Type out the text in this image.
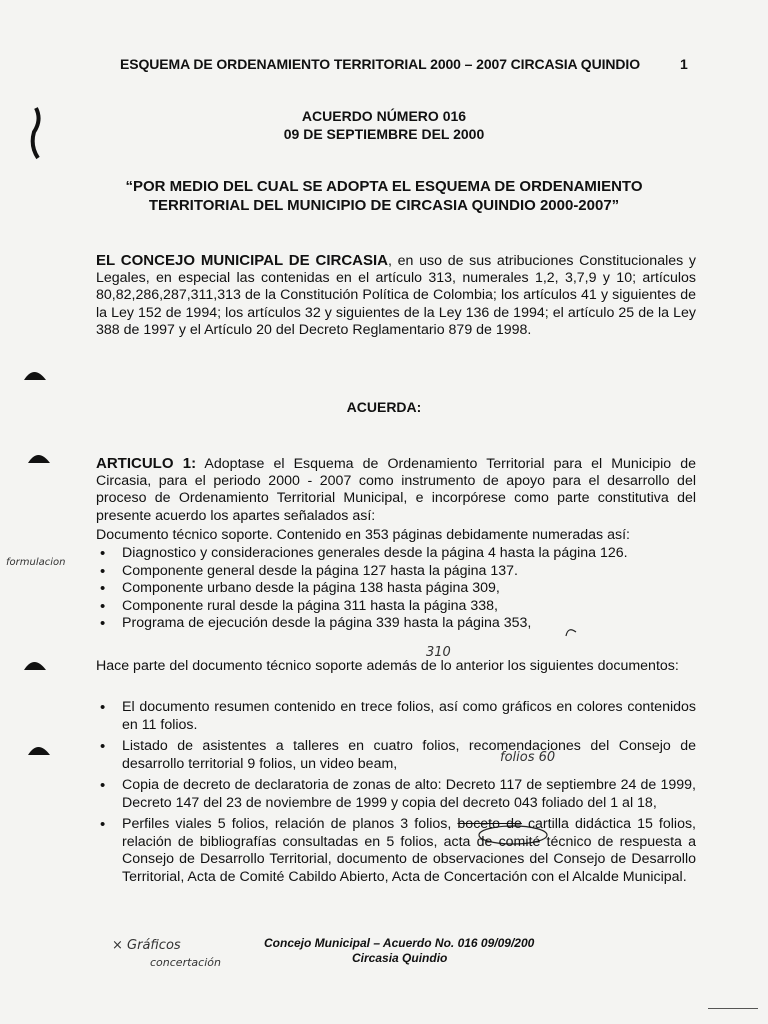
ESQUEMA DE ORDENAMIENTO TERRITORIAL 2000 – 2007 CIRCASIA QUINDIO	1
ACUERDO NÚMERO 016
09 DE SEPTIEMBRE DEL 2000
“POR MEDIO DEL CUAL SE ADOPTA EL ESQUEMA DE ORDENAMIENTO
TERRITORIAL DEL MUNICIPIO DE CIRCASIA QUINDIO 2000-2007”
EL CONCEJO MUNICIPAL DE CIRCASIA, en uso de sus atribuciones Constitucionales y Legales, en especial las contenidas en el artículo 313, numerales 1,2, 3,7,9 y 10; artículos 80,82,286,287,311,313 de la Constitución Política de Colombia; los artículos 41 y siguientes de la Ley 152 de 1994; los artículos 32 y siguientes de la Ley 136 de 1994; el artículo 25 de la Ley 388 de 1997 y el Artículo 20 del Decreto Reglamentario 879 de 1998.
ACUERDA:
ARTICULO 1: Adoptase el Esquema de Ordenamiento Territorial para el Municipio de Circasia, para el periodo 2000 - 2007 como instrumento de apoyo para el desarrollo del proceso de Ordenamiento Territorial Municipal, e incorpórese como parte constitutiva del presente acuerdo los apartes señalados así:
Documento técnico soporte. Contenido en 353 páginas debidamente numeradas así:
• Diagnostico y consideraciones generales desde la página 4 hasta la página 126.
• Componente general desde la página 127 hasta la página 137.
• Componente urbano desde la página 138 hasta página 309,
• Componente rural desde la página 311 hasta la página 338,
• Programa de ejecución desde la página 339 hasta la página 353,
Hace parte del documento técnico soporte además de lo anterior los siguientes documentos:
• El documento resumen contenido en trece folios, así como gráficos en colores contenidos en 11 folios.
• Listado de asistentes a talleres en cuatro folios, recomendaciones del Consejo de desarrollo territorial 9 folios, un video beam,
• Copia de decreto de declaratoria de zonas de alto: Decreto 117 de septiembre 24 de 1999, Decreto 147 del 23 de noviembre de 1999 y copia del decreto 043 foliado del 1 al 18,
• Perfiles viales 5 folios, relación de planos 3 folios, boceto de cartilla didáctica 15 folios, relación de bibliografías consultadas en 5 folios, acta de comité técnico de respuesta a Consejo de Desarrollo Territorial, documento de observaciones del Consejo de Desarrollo Territorial, Acta de Comité Cabildo Abierto, Acta de Concertación con el Alcalde Municipal.
Concejo Municipal – Acuerdo No. 016 09/09/200
Circasia Quindio
formulacion
310
folios 60
× Gráficos
concertación
